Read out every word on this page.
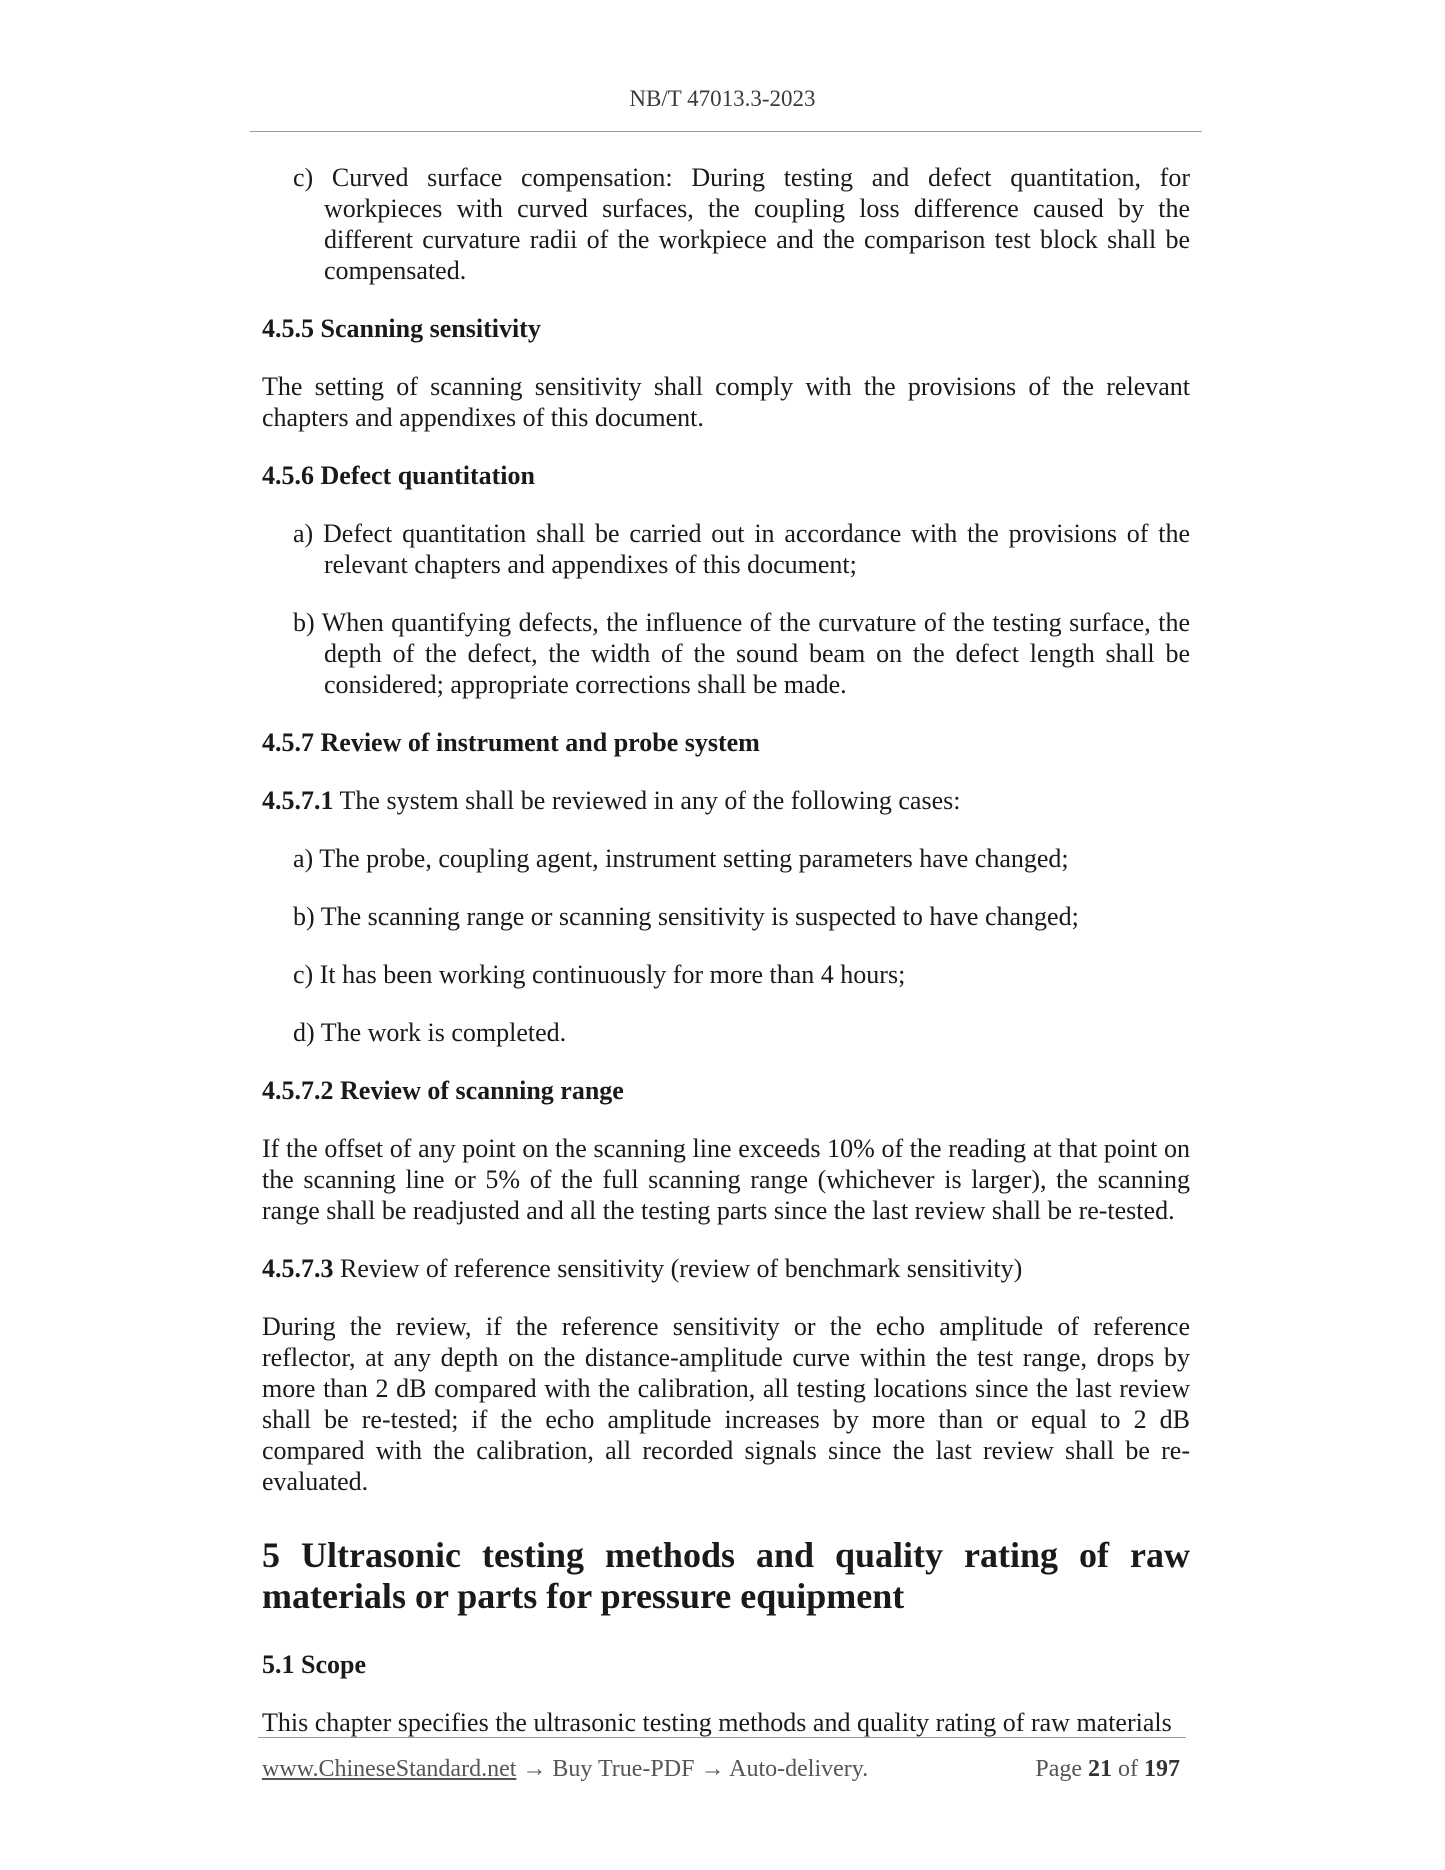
NB/T 47013.3-2023
c) Curved surface compensation: During testing and defect quantitation, for workpieces with curved surfaces, the coupling loss difference caused by the different curvature radii of the workpiece and the comparison test block shall be compensated.
4.5.5 Scanning sensitivity
The setting of scanning sensitivity shall comply with the provisions of the relevant chapters and appendixes of this document.
4.5.6 Defect quantitation
a) Defect quantitation shall be carried out in accordance with the provisions of the relevant chapters and appendixes of this document;
b) When quantifying defects, the influence of the curvature of the testing surface, the depth of the defect, the width of the sound beam on the defect length shall be considered; appropriate corrections shall be made.
4.5.7 Review of instrument and probe system
4.5.7.1 The system shall be reviewed in any of the following cases:
a) The probe, coupling agent, instrument setting parameters have changed;
b) The scanning range or scanning sensitivity is suspected to have changed;
c) It has been working continuously for more than 4 hours;
d) The work is completed.
4.5.7.2 Review of scanning range
If the offset of any point on the scanning line exceeds 10% of the reading at that point on the scanning line or 5% of the full scanning range (whichever is larger), the scanning range shall be readjusted and all the testing parts since the last review shall be re-tested.
4.5.7.3 Review of reference sensitivity (review of benchmark sensitivity)
During the review, if the reference sensitivity or the echo amplitude of reference reflector, at any depth on the distance-amplitude curve within the test range, drops by more than 2 dB compared with the calibration, all testing locations since the last review shall be re-tested; if the echo amplitude increases by more than or equal to 2 dB compared with the calibration, all recorded signals since the last review shall be re-evaluated.
5 Ultrasonic testing methods and quality rating of raw materials or parts for pressure equipment
5.1 Scope
This chapter specifies the ultrasonic testing methods and quality rating of raw materials
www.ChineseStandard.net → Buy True-PDF → Auto-delivery.	Page 21 of 197
